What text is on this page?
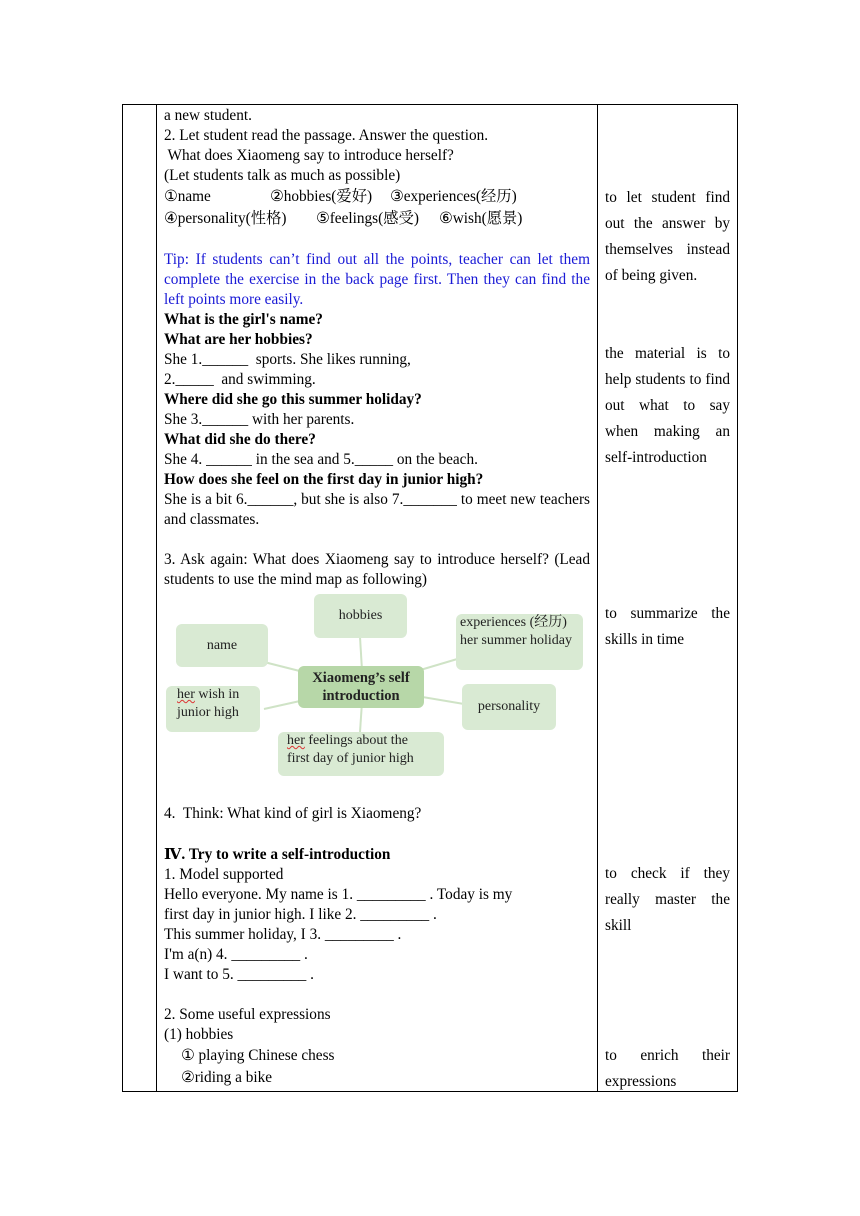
a new student.

2. Let student read the passage. Answer the question.

What does Xiaomeng say to introduce herself?

(Let students talk as much as possible)

①name	②hobbies(爱好)	③experiences(经历)

④personality(性格)	⑤feelings(感受)	⑥wish(愿景)

Tip: If students can’t find out all the points, teacher can let them complete the exercise in the back page first. Then they can find the left points more easily.

What is the girl's name?

What are her hobbies?

She 1.______  sports. She likes running,

2._____  and swimming.

Where did she go this summer holiday?

She 3.______ with her parents.

What did she do there?

She 4. ______ in the sea and 5._____ on the beach.

How does she feel on the first day in junior high?

She is a bit 6.______, but she is also 7._______ to meet new teachers and classmates.

3. Ask again: What does Xiaomeng say to introduce herself? (Lead students to use the mind map as following)

hobbies
name
experiences (经历)
her summer holiday
Xiaomeng’s self
introduction
her wish in
junior high	personality
her feelings about the
first day of junior high

4.  Think: What kind of girl is Xiaomeng?

Ⅳ. Try to write a self-introduction

1. Model supported

Hello everyone. My name is 1. _________ . Today is my

first day in junior high. I like 2. _________ .

This summer holiday, I 3. _________ .

I'm a(n) 4. _________ .

I want to 5. _________ .

2. Some useful expressions

(1) hobbies

① playing Chinese chess

②riding a bike

to let student find out the answer by themselves instead of being given.

the material is to help students to find out what to say when making an self-introduction

to summarize the skills in time

to check if they really master the skill

to enrich their expressions
